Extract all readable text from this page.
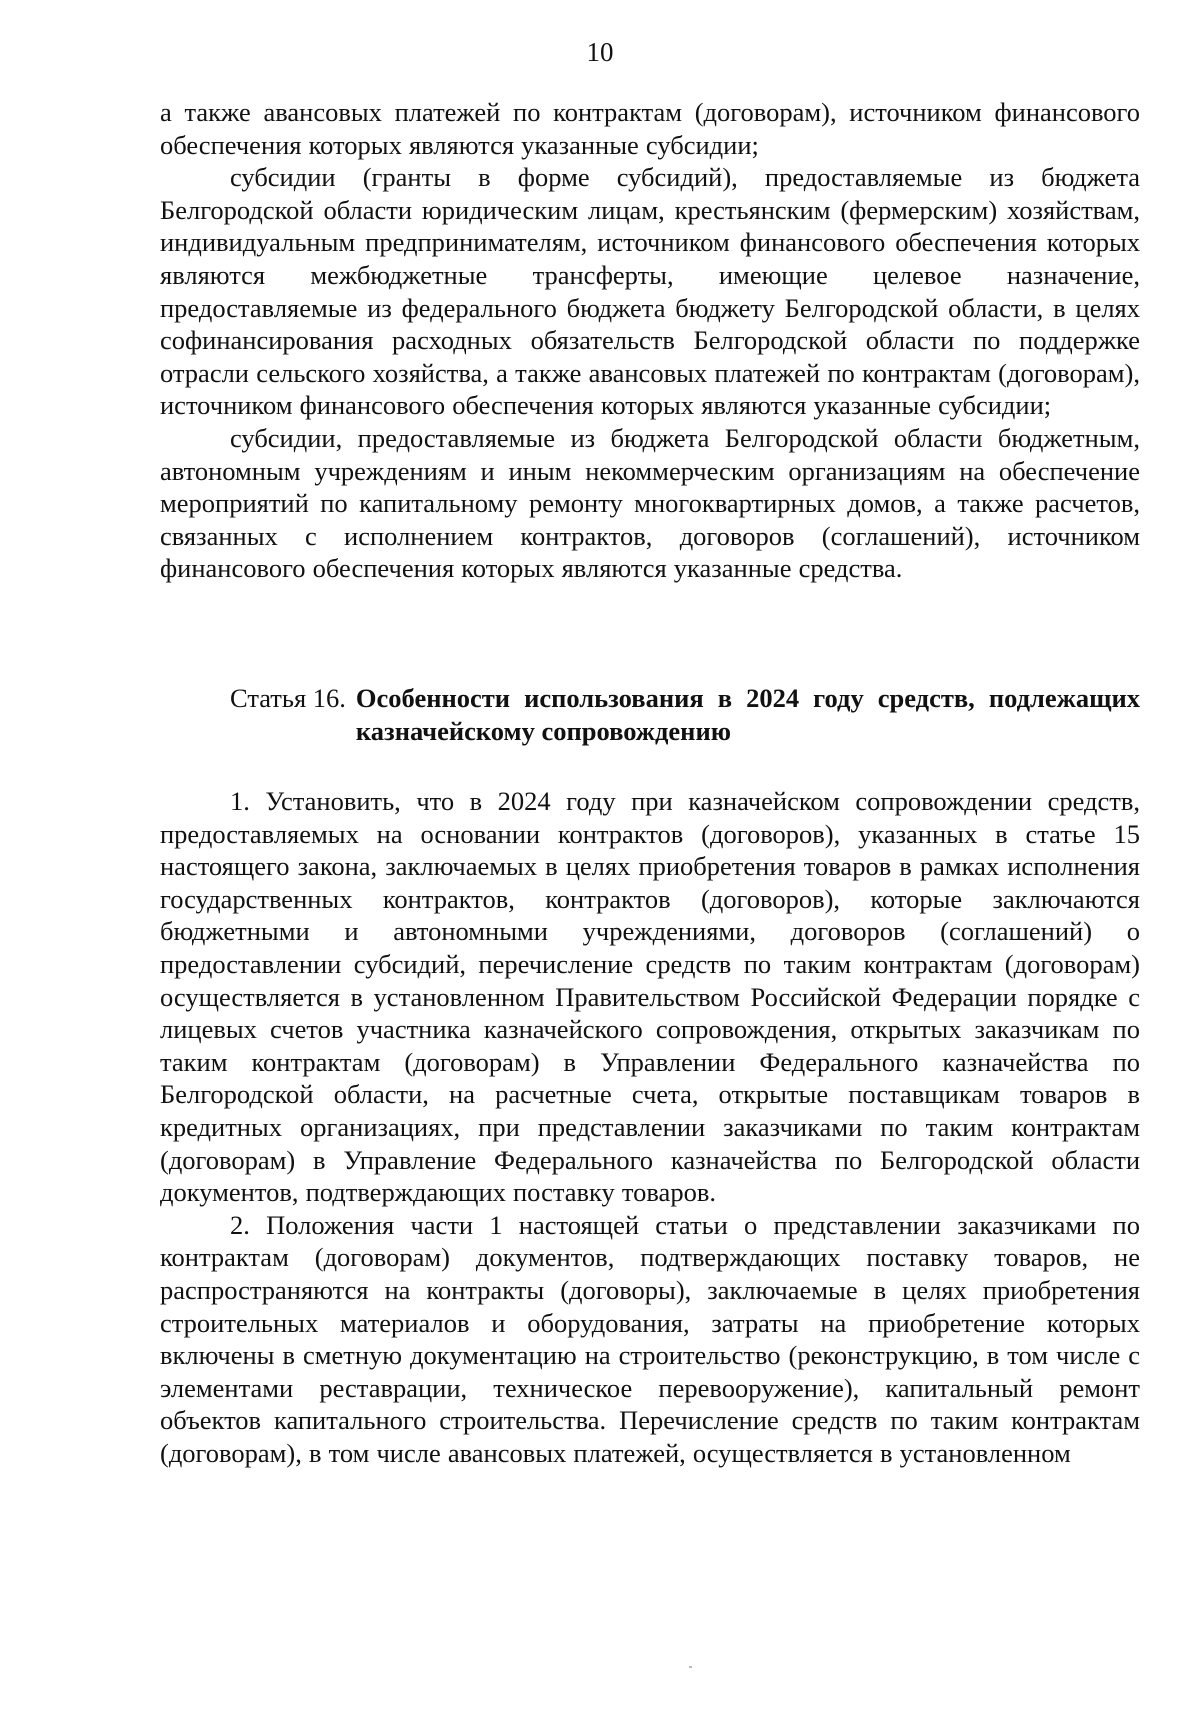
10

а также авансовых платежей по контрактам (договорам), источником финансового обеспечения которых являются указанные субсидии;

субсидии (гранты в форме субсидий), предоставляемые из бюджета Белгородской области юридическим лицам, крестьянским (фермерским) хозяйствам, индивидуальным предпринимателям, источником финансового обеспечения которых являются межбюджетные трансферты, имеющие целевое назначение, предоставляемые из федерального бюджета бюджету Белгородской области, в целях софинансирования расходных обязательств Белгородской области по поддержке отрасли сельского хозяйства, а также авансовых платежей по контрактам (договорам), источником финансового обеспечения которых являются указанные субсидии;

субсидии, предоставляемые из бюджета Белгородской области бюджетным, автономным учреждениям и иным некоммерческим организациям на обеспечение мероприятий по капитальному ремонту многоквартирных домов, а также расчетов, связанных с исполнением контрактов, договоров (соглашений), источником финансового обеспечения которых являются указанные средства.

Статья 16. Особенности использования в 2024 году средств, подлежащих казначейскому сопровождению

1. Установить, что в 2024 году при казначейском сопровождении средств, предоставляемых на основании контрактов (договоров), указанных в статье 15 настоящего закона, заключаемых в целях приобретения товаров в рамках исполнения государственных контрактов, контрактов (договоров), которые заключаются бюджетными и автономными учреждениями, договоров (соглашений) о предоставлении субсидий, перечисление средств по таким контрактам (договорам) осуществляется в установленном Правительством Российской Федерации порядке с лицевых счетов участника казначейского сопровождения, открытых заказчикам по таким контрактам (договорам) в Управлении Федерального казначейства по Белгородской области, на расчетные счета, открытые поставщикам товаров в кредитных организациях, при представлении заказчиками по таким контрактам (договорам) в Управление Федерального казначейства по Белгородской области документов, подтверждающих поставку товаров.

2. Положения части 1 настоящей статьи о представлении заказчиками по контрактам (договорам) документов, подтверждающих поставку товаров, не распространяются на контракты (договоры), заключаемые в целях приобретения строительных материалов и оборудования, затраты на приобретение которых включены в сметную документацию на строительство (реконструкцию, в том числе с элементами реставрации, техническое перевооружение), капитальный ремонт объектов капитального строительства. Перечисление средств по таким контрактам (договорам), в том числе авансовых платежей, осуществляется в установленном
